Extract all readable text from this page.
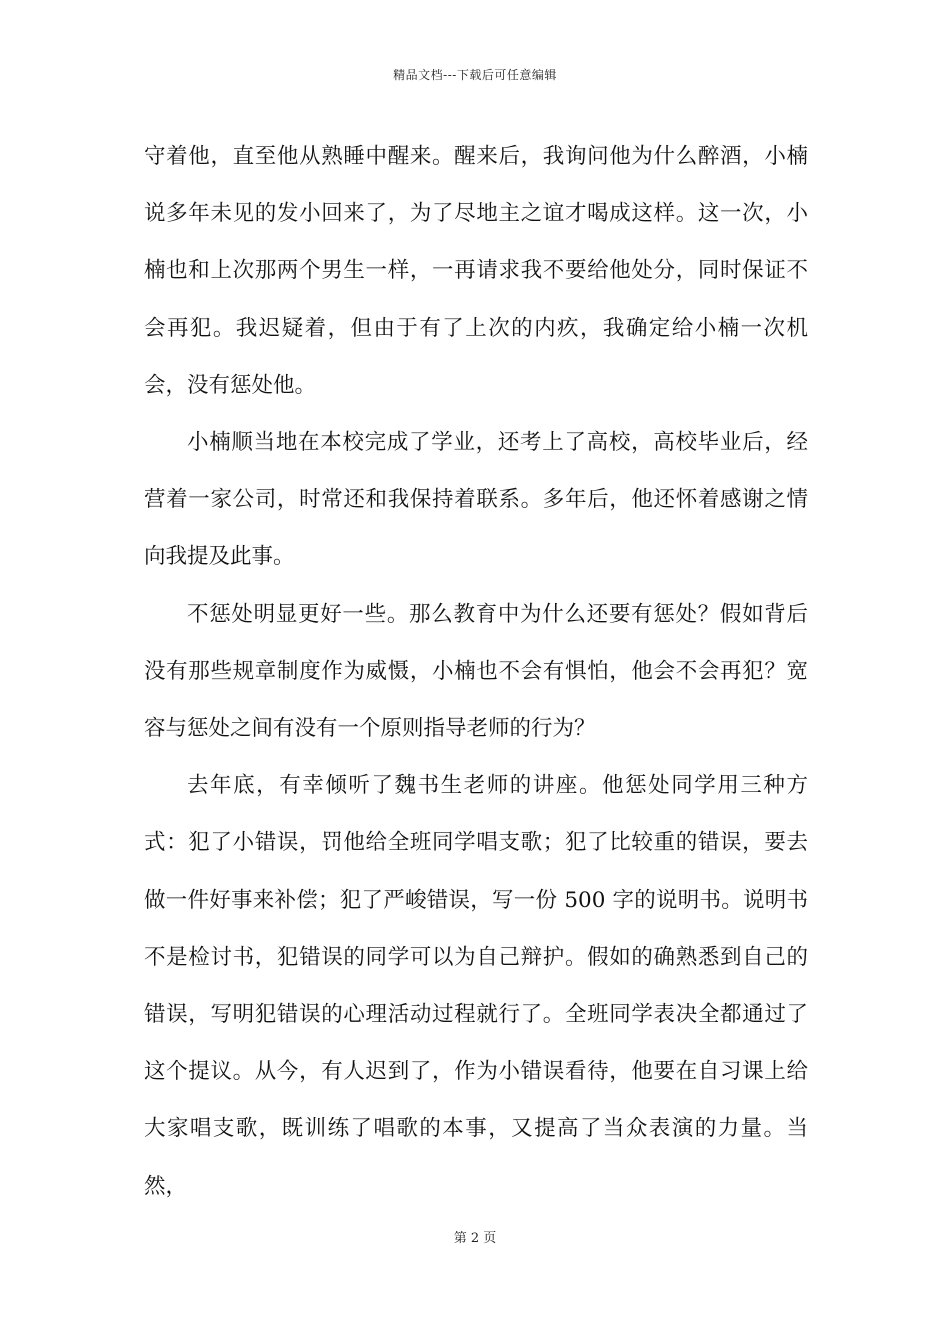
精品文档---下载后可任意编辑

守着他，直至他从熟睡中醒来。醒来后，我询问他为什么醉酒，小楠说多年未见的发小回来了，为了尽地主之谊才喝成这样。这一次，小楠也和上次那两个男生一样，一再请求我不要给他处分，同时保证不会再犯。我迟疑着，但由于有了上次的内疚，我确定给小楠一次机会，没有惩处他。

小楠顺当地在本校完成了学业，还考上了高校，高校毕业后，经营着一家公司，时常还和我保持着联系。多年后，他还怀着感谢之情向我提及此事。

不惩处明显更好一些。那么教育中为什么还要有惩处？假如背后没有那些规章制度作为威慑，小楠也不会有惧怕，他会不会再犯？宽容与惩处之间有没有一个原则指导老师的行为？

去年底，有幸倾听了魏书生老师的讲座。他惩处同学用三种方式：犯了小错误，罚他给全班同学唱支歌；犯了比较重的错误，要去做一件好事来补偿；犯了严峻错误，写一份 500 字的说明书。说明书不是检讨书，犯错误的同学可以为自己辩护。假如的确熟悉到自己的错误，写明犯错误的心理活动过程就行了。全班同学表决全都通过了这个提议。从今，有人迟到了，作为小错误看待，他要在自习课上给大家唱支歌，既训练了唱歌的本事，又提高了当众表演的力量。当然，

第 2 页
